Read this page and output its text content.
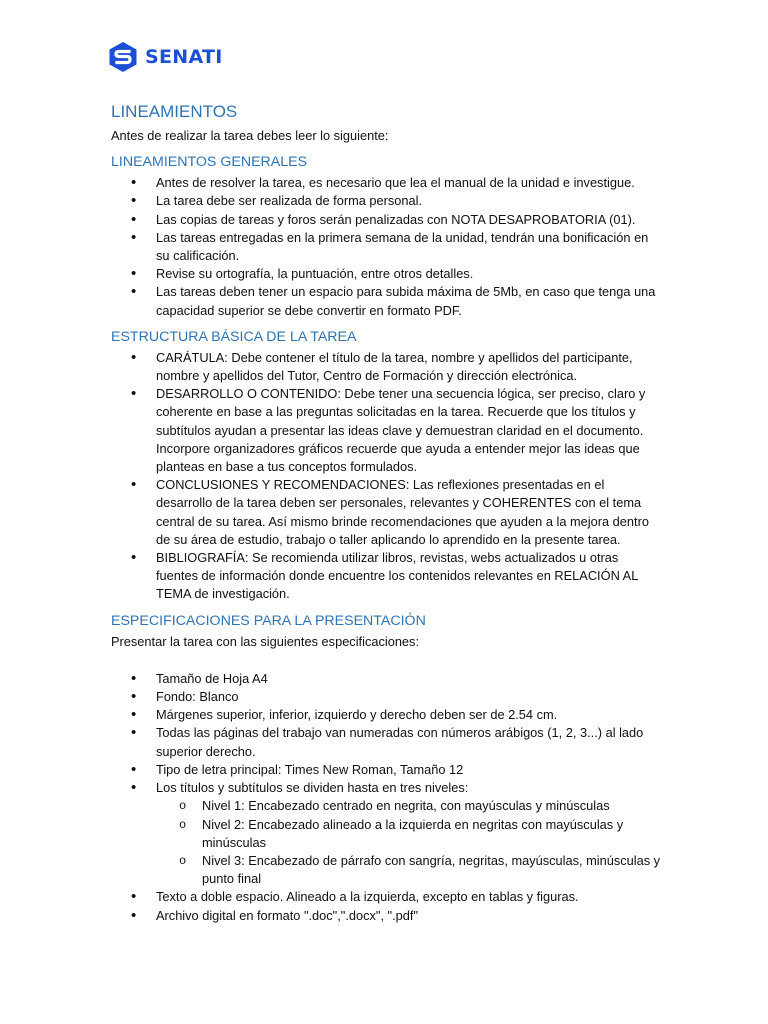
SENATI
LINEAMIENTOS

Antes de realizar la tarea debes leer lo siguiente:

LINEAMIENTOS GENERALES
• Antes de resolver la tarea, es necesario que lea el manual de la unidad e investigue.
• La tarea debe ser realizada de forma personal.
• Las copias de tareas y foros serán penalizadas con NOTA DESAPROBATORIA (01).
• Las tareas entregadas en la primera semana de la unidad, tendrán una bonificación en su calificación.
• Revise su ortografía, la puntuación, entre otros detalles.
• Las tareas deben tener un espacio para subida máxima de 5Mb, en caso que tenga una capacidad superior se debe convertir en formato PDF.
ESTRUCTURA BÁSICA DE LA TAREA
• CARÁTULA: Debe contener el título de la tarea, nombre y apellidos del participante, nombre y apellidos del Tutor, Centro de Formación y dirección electrónica.
• DESARROLLO O CONTENIDO: Debe tener una secuencia lógica, ser preciso, claro y coherente en base a las preguntas solicitadas en la tarea. Recuerde que los títulos y subtítulos ayudan a presentar las ideas clave y demuestran claridad en el documento. Incorpore organizadores gráficos recuerde que ayuda a entender mejor las ideas que planteas en base a tus conceptos formulados.
• CONCLUSIONES Y RECOMENDACIONES: Las reflexiones presentadas en el desarrollo de la tarea deben ser personales, relevantes y COHERENTES con el tema central de su tarea. Así mismo brinde recomendaciones que ayuden a la mejora dentro de su área de estudio, trabajo o taller aplicando lo aprendido en la presente tarea.
• BIBLIOGRAFÍA: Se recomienda utilizar libros, revistas, webs actualizados u otras fuentes de información donde encuentre los contenidos relevantes en RELACIÓN AL TEMA de investigación.
ESPECIFICACIONES PARA LA PRESENTACIÓN

Presentar la tarea con las siguientes especificaciones:

• Tamaño de Hoja A4
• Fondo: Blanco
• Márgenes superior, inferior, izquierdo y derecho deben ser de 2.54 cm.
• Todas las páginas del trabajo van numeradas con números arábigos (1, 2, 3...) al lado superior derecho.
• Tipo de letra principal: Times New Roman, Tamaño 12
• Los títulos y subtítulos se dividen hasta en tres niveles:
o Nivel 1: Encabezado centrado en negrita, con mayúsculas y minúsculas
o Nivel 2: Encabezado alineado a la izquierda en negritas con mayúsculas y minúsculas
o Nivel 3: Encabezado de párrafo con sangría, negritas, mayúsculas, minúsculas y punto final
• Texto a doble espacio. Alineado a la izquierda, excepto en tablas y figuras.
• Archivo digital en formato ".doc",".docx", ".pdf"
